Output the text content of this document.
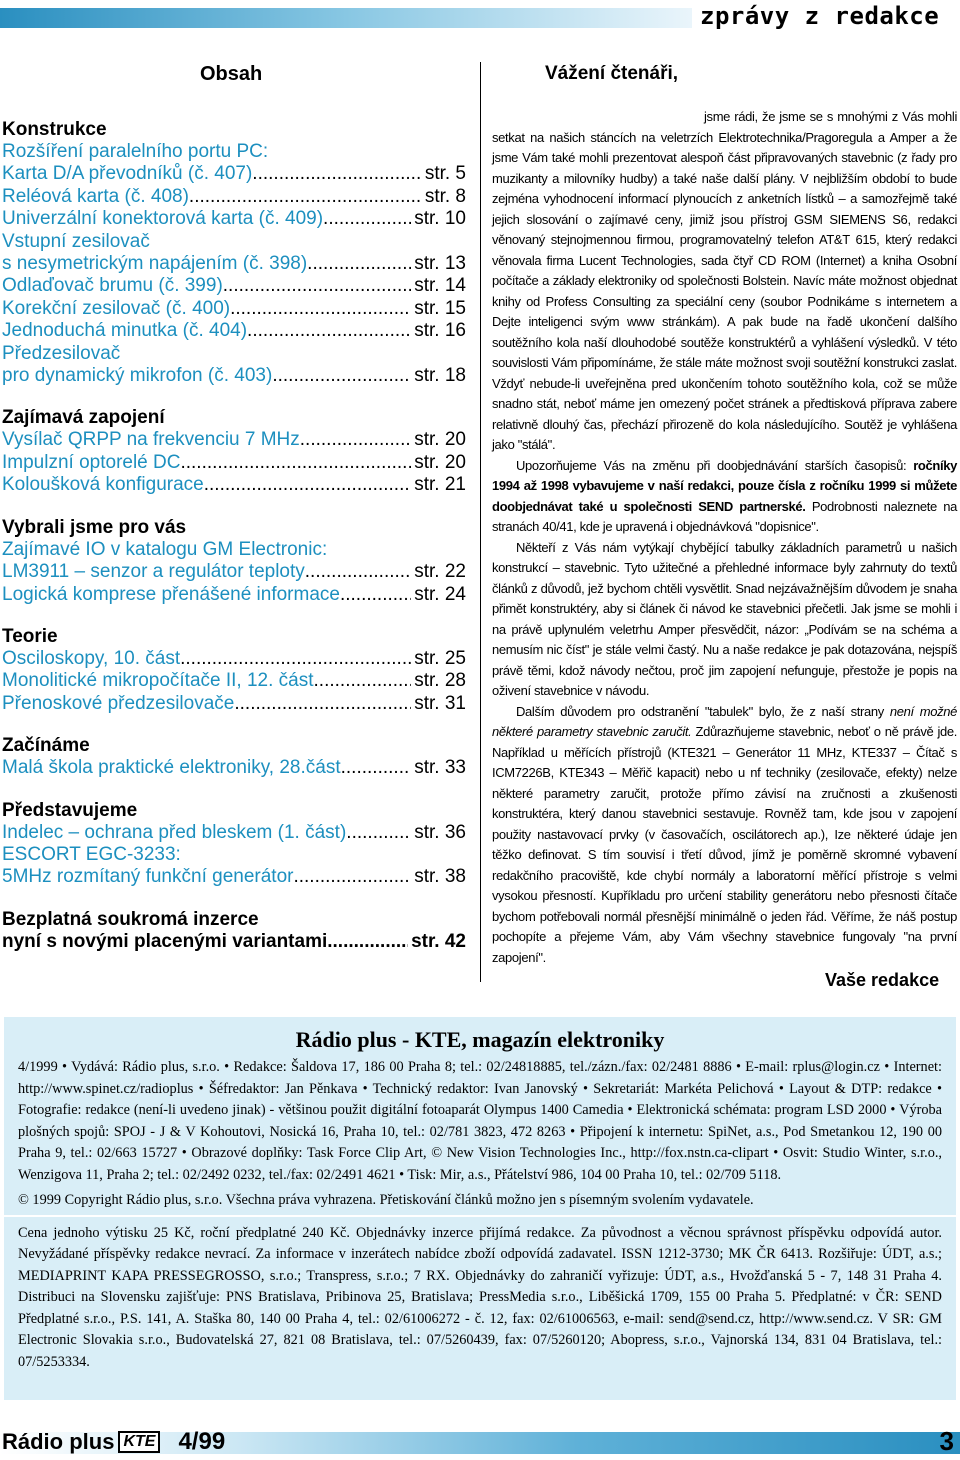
zprávy z redakce
Obsah
Konstrukce
Rozšíření paralelního portu PC:
Karta D/A převodníků (č. 407) .....	str. 5
Reléová karta (č. 408) .....	str. 8
Univerzální konektorová karta (č. 409) .....	str. 10
Vstupní zesilovač
s nesymetrickým napájením (č. 398) .....	str. 13
Odlaďovač brumu (č. 399) .....	str. 14
Korekční zesilovač (č. 400) .....	str. 15
Jednoduchá minutka (č. 404) .....	str. 16
Předzesilovač
pro dynamický mikrofon (č. 403) .....	str. 18
Zajímavá zapojení
Vysílač QRPP na frekvenciu 7 MHz .....	str. 20
Impulzní optorelé DC .....	str. 20
Koloušková konfigurace .....	str. 21
Vybrali jsme pro vás
Zajímavé IO v katalogu GM Electronic:
LM3911 – senzor a regulátor teploty .....	str. 22
Logická komprese přenášené informace .....	str. 24
Teorie
Osciloskopy, 10. část .....	str. 25
Monolitické mikropočítače II, 12. část .....	str. 28
Přenoskové předzesilovače .....	str. 31
Začínáme
Malá škola praktické elektroniky, 28.část .....	str. 33
Představujeme
Indelec – ochrana před bleskem (1. část) .....	str. 36
ESCORT EGC-3233:
5MHz rozmítaný funkční generátor .....	str. 38
Bezplatná soukromá inzerce
nyní s novými placenými variantami .....	str. 42
Vážení čtenáři,

jsme rádi, že jsme se s mnohými z Vás mohli setkat na našich stáncích na veletrzích Elektrotechnika/Pragoregula a Amper a že jsme Vám také mohli prezentovat alespoň část připravovaných stavebnic (z řady pro muzikanty a milovníky hudby) a také naše další plány. V nejbližším období to bude zejména vyhodnocení informací plynoucích z anketních lístků – a samozřejmě také jejich slosování o zajímavé ceny, jimiž jsou přístroj GSM SIEMENS S6, redakci věnovaný stejnojmennou firmou, programovatelný telefon AT&T 615, který redakci věnovala firma Lucent Technologies, sada čtyř CD ROM (Internet) a kniha Osobní počítače a základy elektroniky od společnosti Bolstein. Navíc máte možnost objednat knihy od Profess Consulting za speciální ceny (soubor Podnikáme s internetem a Dejte inteligenci svým www stránkám). A pak bude na řadě ukončení dalšího soutěžního kola naší dlouhodobé soutěže konstruktérů a vyhlášení výsledků. V této souvislosti Vám připomínáme, že stále máte možnost svoji soutěžní konstrukci zaslat. Vždyť nebude-li uveřejněna pred ukončením tohoto soutěžního kola, což se může snadno stát, neboť máme jen omezený počet stránek a předtisková příprava zabere relativně dlouhý čas, přechází přirozeně do kola následujícího. Soutěž je vyhlášena jako "stálá".

Upozorňujeme Vás na změnu při doobjednávání starších časopisů: ročníky 1994 až 1998 vybavujeme v naší redakci, pouze čísla z ročníku 1999 si můžete doobjednávat také u společnosti SEND partnerské. Podrobnosti naleznete na stranách 40/41, kde je upravená i objednávková "dopisnice".

Někteří z Vás nám vytýkají chybějící tabulky základních parametrů u našich konstrukcí – stavebnic. Tyto užitečné a přehledné informace byly zahrnuty do textů článků z důvodů, jež bychom chtěli vysvětlit. Snad nejzávažnějším důvodem je snaha přimět konstruktéry, aby si článek či návod ke stavebnici přečetli. Jak jsme se mohli i na právě uplynulém veletrhu Amper přesvědčit, názor: „Podívám se na schéma a nemusím nic číst" je stále velmi častý. Nu a naše redakce je pak dotazována, nejspíš právě těmi, kdož návody nečtou, proč jim zapojení nefunguje, přestože je popis na oživení stavebnice v návodu.

Dalším důvodem pro odstranění "tabulek" bylo, že z naší strany není možné některé parametry stavebnic zaručit. Zdůrazňujeme stavebnic, neboť o ně právě jde. Například u měřících přístrojů (KTE321 – Generátor 11 MHz, KTE337 – Čítač s ICM7226B, KTE343 – Měřič kapacit) nebo u nf techniky (zesilovače, efekty) nelze některé parametry zaručit, protože přímo závisí na zručnosti a zkušenosti konstruktéra, který danou stavebnici sestavuje. Rovněž tam, kde jsou v zapojení použity nastavovací prvky (v časovačích, oscilátorech ap.), Ize některé údaje jen těžko definovat. S tím souvisí i třetí důvod, jímž je poměrně skromné vybavení redakčního pracoviště, kde chybí normály a laboratorní měřící přístroje s velmi vysokou přesností. Kupříkladu pro určení stability generátoru nebo přesnosti čítače bychom potřebovali normál přesnější minimálně o jeden řád. Věříme, že náš postup pochopíte a přejeme Vám, aby Vám všechny stavebnice fungovaly "na první zapojení".

Vaše redakce
Rádio plus - KTE, magazín elektroniky

4/1999 • Vydává: Rádio plus, s.r.o. • Redakce: Šaldova 17, 186 00 Praha 8; tel.: 02/24818885, tel./zázn./fax: 02/2481 8886 • E-mail: rplus@login.cz • Internet: http://www.spinet.cz/radioplus • Šéfredaktor: Jan Pěnkava • Technický redaktor: Ivan Janovský • Sekretariát: Markéta Pelichová • Layout & DTP: redakce • Fotografie: redakce (není-li uvedeno jinak) - většinou použit digitální fotoaparát Olympus 1400 Camedia • Elektronická schémata: program LSD 2000 • Výroba plošných spojů: SPOJ - J & V Kohoutovi, Nosická 16, Praha 10, tel.: 02/781 3823, 472 8263 • Připojení k internetu: SpiNet, a.s., Pod Smetankou 12, 190 00 Praha 9, tel.: 02/663 15727 • Obrazové doplňky: Task Force Clip Art, © New Vision Technologies Inc., http://fox.nstn.ca-clipart • Osvit: Studio Winter, s.r.o., Wenzigova 11, Praha 2; tel.: 02/2492 0232, tel./fax: 02/2491 4621 • Tisk: Mir, a.s., Přátelství 986, 104 00 Praha 10, tel.: 02/709 5118.

© 1999 Copyright Rádio plus, s.r.o. Všechna práva vyhrazena. Přetiskování článků možno jen s písemným svolením vydavatele.

Cena jednoho výtisku 25 Kč, roční předplatné 240 Kč. Objednávky inzerce přijímá redakce. Za původnost a věcnou správnost příspěvku odpovídá autor. Nevyžádané příspěvky redakce nevrací. Za informace v inzerátech nabídce zboží odpovídá zadavatel. ISSN 1212-3730; MK ČR 6413. Rozšiřuje: ÚDT, a.s.; MEDIAPRINT KAPA PRESSEGROSSO, s.r.o.; Transpress, s.r.o.; 7 RX. Objednávky do zahraničí vyřizuje: ÚDT, a.s., Hvožďanská 5 - 7, 148 31 Praha 4. Distribuci na Slovensku zajišťuje: PNS Bratislava, Pribinova 25, Bratislava; PressMedia s.r.o., Liběšická 1709, 155 00 Praha 5. Předplatné: v ČR: SEND Předplatné s.r.o., P.S. 141, A. Staška 80, 140 00 Praha 4, tel.: 02/61006272 - č. 12, fax: 02/61006563, e-mail: send@send.cz, http://www.send.cz. V SR: GM Electronic Slovakia s.r.o., Budovatelská 27, 821 08 Bratislava, tel.: 07/5260439, fax: 07/5260120; Abopress, s.r.o., Vajnorská 134, 831 04 Bratislava, tel.: 07/5253334.

Rádio plus KTE 4/99	3
